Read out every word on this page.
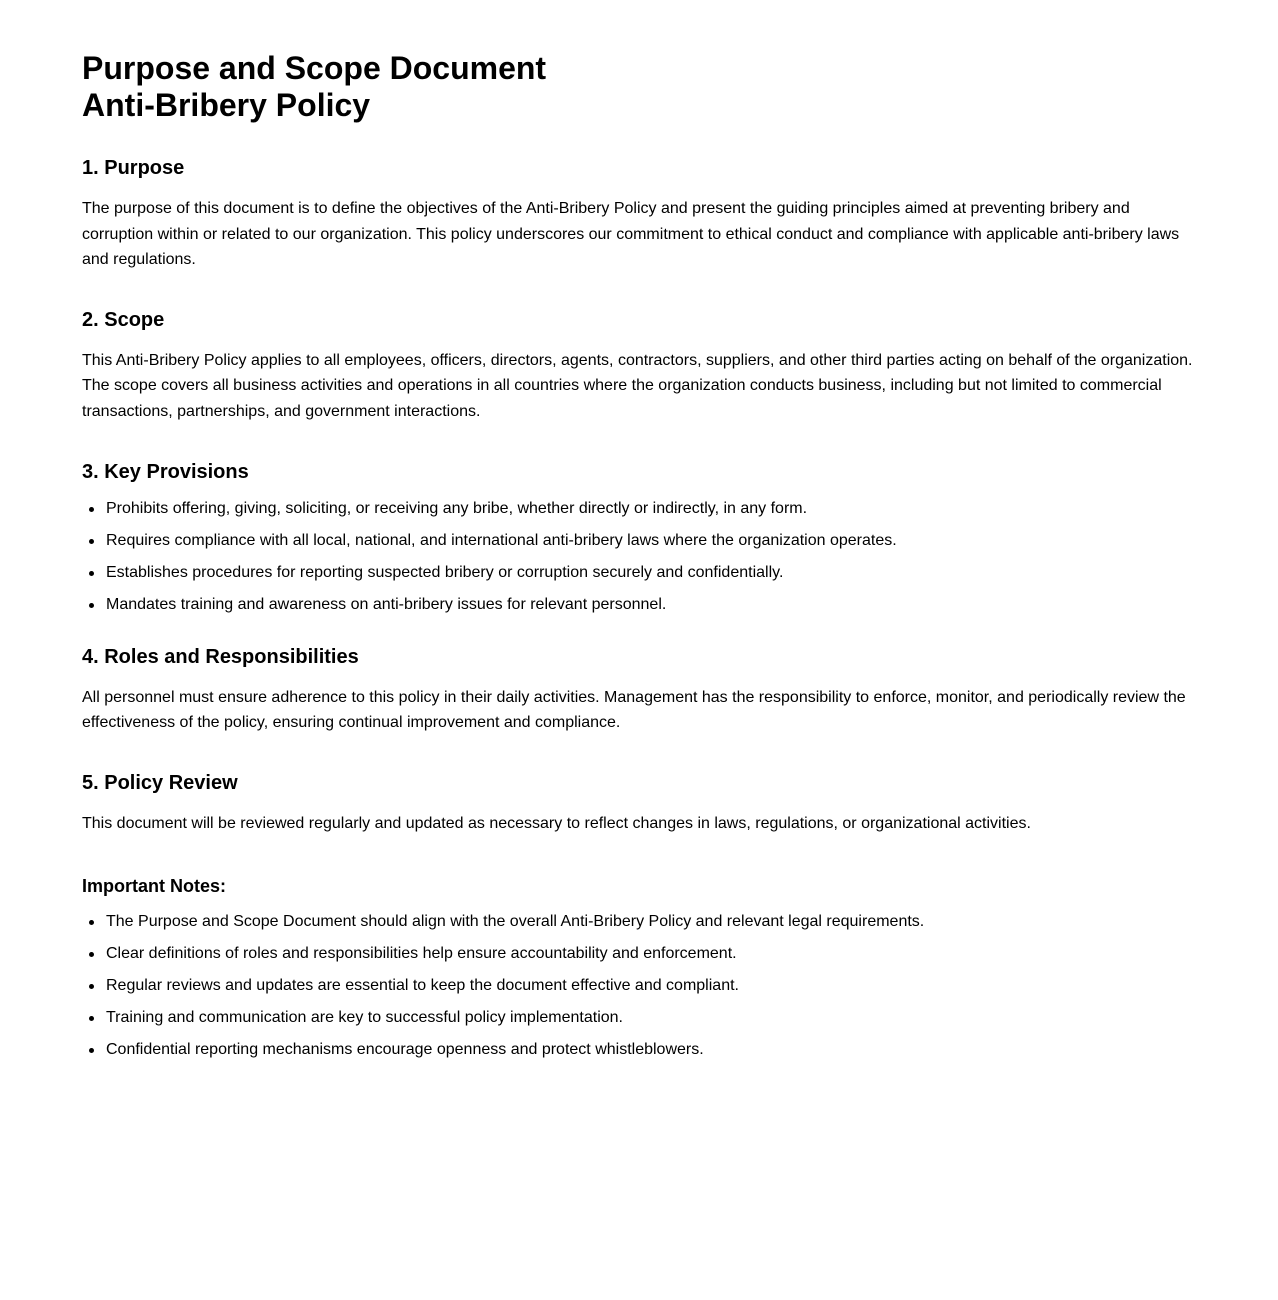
Purpose and Scope Document
Anti-Bribery Policy
1. Purpose

The purpose of this document is to define the objectives of the Anti-Bribery Policy and present the guiding principles aimed at preventing bribery and corruption within or related to our organization. This policy underscores our commitment to ethical conduct and compliance with applicable anti-bribery laws and regulations.

2. Scope

This Anti-Bribery Policy applies to all employees, officers, directors, agents, contractors, suppliers, and other third parties acting on behalf of the organization. The scope covers all business activities and operations in all countries where the organization conducts business, including but not limited to commercial transactions, partnerships, and government interactions.

3. Key Provisions
Prohibits offering, giving, soliciting, or receiving any bribe, whether directly or indirectly, in any form.
Requires compliance with all local, national, and international anti-bribery laws where the organization operates.
Establishes procedures for reporting suspected bribery or corruption securely and confidentially.
Mandates training and awareness on anti-bribery issues for relevant personnel.
4. Roles and Responsibilities

All personnel must ensure adherence to this policy in their daily activities. Management has the responsibility to enforce, monitor, and periodically review the effectiveness of the policy, ensuring continual improvement and compliance.

5. Policy Review

This document will be reviewed regularly and updated as necessary to reflect changes in laws, regulations, or organizational activities.

Important Notes:
The Purpose and Scope Document should align with the overall Anti-Bribery Policy and relevant legal requirements.
Clear definitions of roles and responsibilities help ensure accountability and enforcement.
Regular reviews and updates are essential to keep the document effective and compliant.
Training and communication are key to successful policy implementation.
Confidential reporting mechanisms encourage openness and protect whistleblowers.
